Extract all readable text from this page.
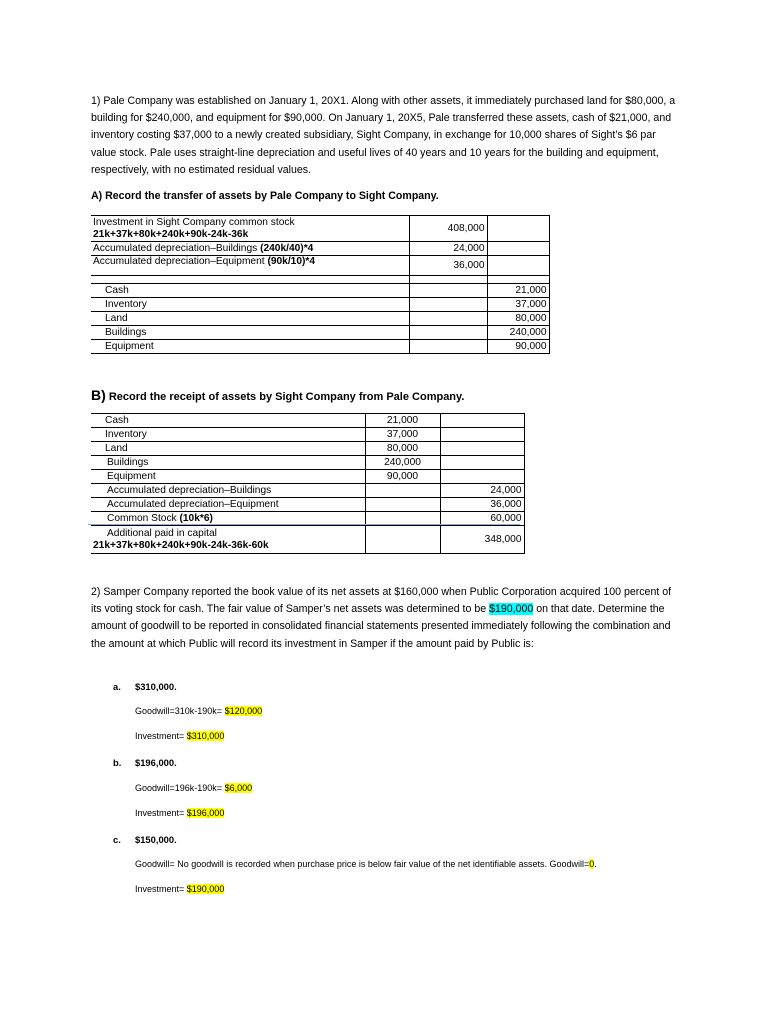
1) Pale Company was established on January 1, 20X1. Along with other assets, it immediately purchased land for $80,000, a building for $240,000, and equipment for $90,000. On January 1, 20X5, Pale transferred these assets, cash of $21,000, and inventory costing $37,000 to a newly created subsidiary, Sight Company, in exchange for 10,000 shares of Sight’s $6 par value stock. Pale uses straight-line depreciation and useful lives of 40 years and 10 years for the building and equipment, respectively, with no estimated residual values.
A) Record the transfer of assets by Pale Company to Sight Company.
Investment in Sight Company common stock
21k+37k+80k+240k+90k-24k-36k	408,000	
Accumulated depreciation–Buildings (240k/40)*4	24,000	
Accumulated depreciation–Equipment (90k/10)*4	36,000	

Cash		21,000
Inventory		37,000
Land		80,000
Buildings		240,000
Equipment		90,000
B) Record the receipt of assets by Sight Company from Pale Company.
Cash	21,000	
Inventory	37,000	
Land	80,000	
Buildings	240,000	
Equipment	90,000	
Accumulated depreciation–Buildings		24,000
Accumulated depreciation–Equipment		36,000
Common Stock (10k*6)		60,000

Additional paid in capital
21k+37k+80k+240k+90k-24k-36k-60k		348,000
2) Samper Company reported the book value of its net assets at $160,000 when Public Corporation acquired 100 percent of its voting stock for cash. The fair value of Samper’s net assets was determined to be $190,000 on that date. Determine the amount of goodwill to be reported in consolidated financial statements presented immediately following the combination and the amount at which Public will record its investment in Samper if the amount paid by Public is:
a. $310,000.
Goodwill=310k-190k= $120,000
Investment= $310,000
b. $196,000.
Goodwill=196k-190k= $6,000
Investment= $196,000
c. $150,000.
Goodwill= No goodwill is recorded when purchase price is below fair value of the net identifiable assets. Goodwill=0.
Investment= $190,000
